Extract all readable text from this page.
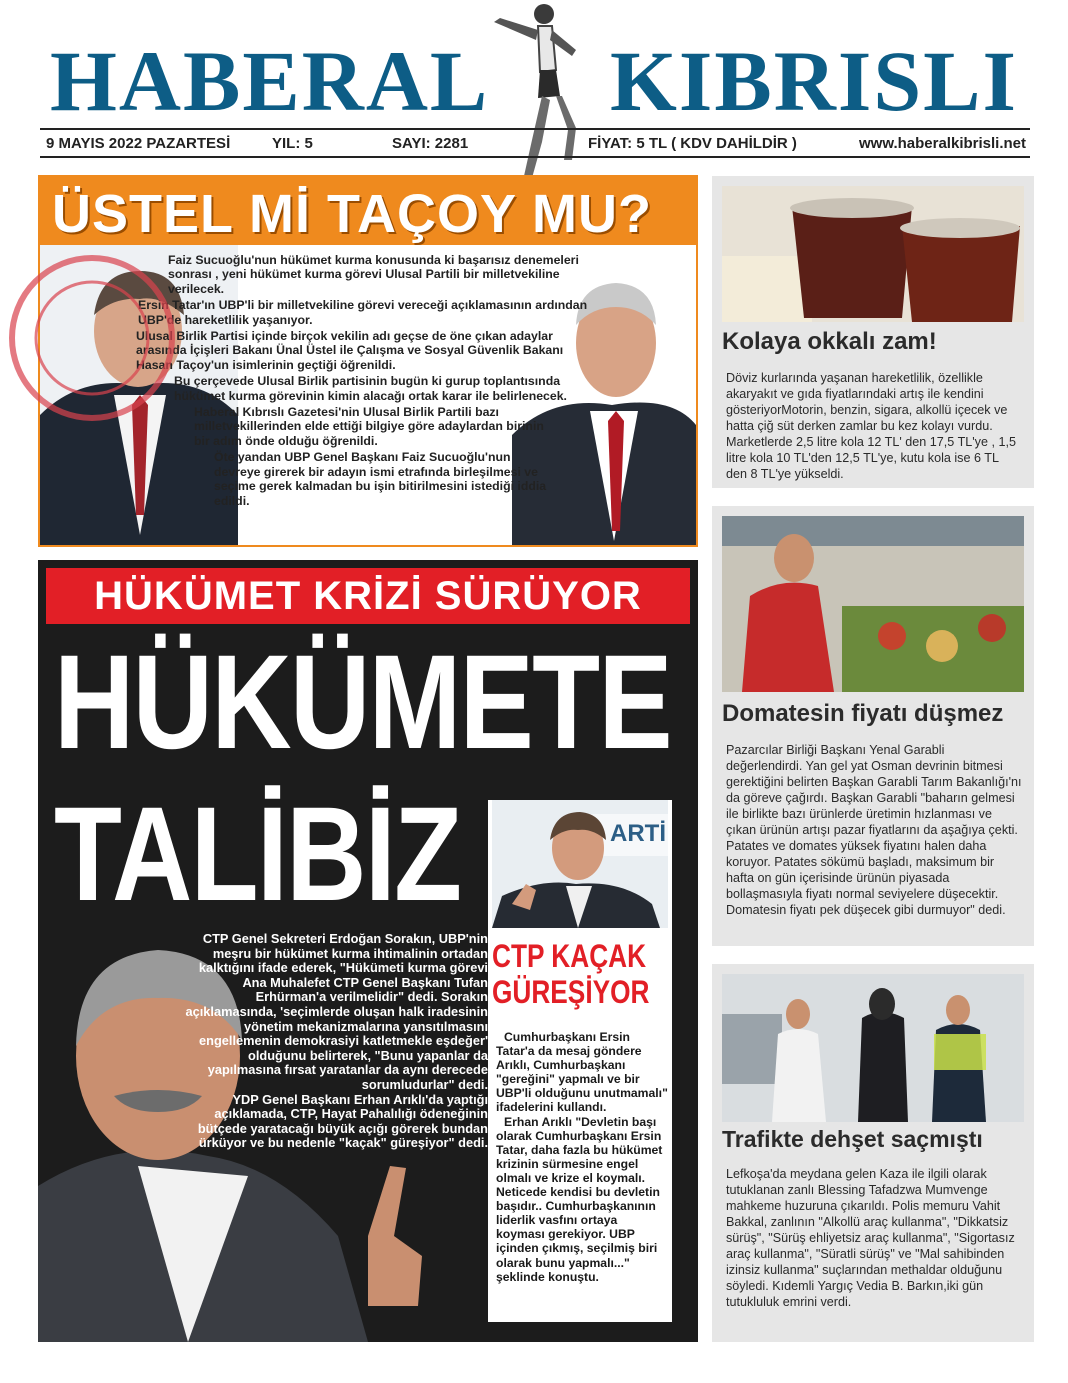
HABERAL KIBRISLI
9 MAYIS 2022 PAZARTESİ	YIL: 5	SAYI: 2281	FİYAT: 5 TL ( KDV DAHİLDİR )	www.haberalkibrisli.net
ÜSTEL Mİ TAÇOY MU?

Faiz Sucuoğlu'nun hükümet kurma konusunda ki başarısız denemeleri sonrası , yeni hükümet kurma görevi Ulusal Partili bir milletvekiline verilecek.

Ersin Tatar'ın UBP'li bir milletvekiline görevi vereceği açıklamasının ardından UBP'de hareketlilik yaşanıyor.

Ulusal Birlik Partisi içinde birçok vekilin adı geçse de öne çıkan adaylar arasında İçişleri Bakanı Ünal Üstel ile Çalışma ve Sosyal Güvenlik Bakanı Hasan Taçoy'un isimlerinin geçtiği öğrenildi.

Bu çerçevede Ulusal Birlik partisinin bugün ki gurup toplantısında hükümet kurma görevinin kimin alacağı ortak karar ile belirlenecek.

Haberal Kıbrıslı Gazetesi'nin Ulusal Birlik Partili bazı milletvekillerinden elde ettiği bilgiye göre adaylardan birinin bir adım önde olduğu öğrenildi.

Öte yandan UBP Genel Başkanı Faiz Sucuoğlu'nun devreye girerek bir adayın ismi etrafında birleşilmesi ve seçime gerek kalmadan bu işin bitirilmesini istediği iddia edildi.

HÜKÜMET KRİZİ SÜRÜYOR
HÜKÜMETE
TALİBİZ

CTP Genel Sekreteri Erdoğan Sorakın, UBP'nin meşru bir hükümet kurma ihtimalinin ortadan kalktığını ifade ederek, "Hükümeti kurma görevi Ana Muhalefet CTP Genel Başkanı Tufan Erhürman'a verilmelidir" dedi. Sorakın açıklamasında, 'seçimlerde oluşan halk iradesinin yönetim mekanizmalarına yansıtılmasını engellemenin demokrasiyi katletmekle eşdeğer' olduğunu belirterek, "Bunu yapanlar da yapılmasına fırsat yaratanlar da aynı derecede sorumludurlar" dedi.

YDP Genel Başkanı Erhan Arıklı'da yaptığı açıklamada, CTP, Hayat Pahalılığı ödeneğinin bütçede yaratacağı büyük açığı görerek bundan ürküyor ve bu nedenle "kaçak" güreşiyor" dedi.

ARTİ
CTP KAÇAK
GÜREŞİYOR

Cumhurbaşkanı Ersin Tatar'a da mesaj göndere Arıklı, Cumhurbaşkanı "gereğini" yapmalı ve bir UBP'li olduğunu unutmamalı" ifadelerini kullandı.

Erhan Arıklı "Devletin başı olarak Cumhurbaşkanı Ersin Tatar, daha fazla bu hükümet krizinin sürmesine engel olmalı ve krize el koymalı. Neticede kendisi bu devletin başıdır.. Cumhurbaşkanının liderlik vasfını ortaya koyması gerekiyor. UBP içinden çıkmış, seçilmiş biri olarak bunu yapmalı..." şeklinde konuştu.

Kolaya okkalı zam!
Döviz kurlarında yaşanan hareketlilik, özellikle akaryakıt ve gıda fiyatlarındaki artış ile kendini gösteriyorMotorin, benzin, sigara, alkollü içecek ve hatta çiğ süt derken zamlar bu kez kolayı vurdu. Marketlerde 2,5 litre kola 12 TL' den 17,5 TL'ye , 1,5 litre kola 10 TL'den 12,5 TL'ye, kutu kola ise 6 TL den 8 TL'ye yükseldi.
Domatesin fiyatı düşmez
Pazarcılar Birliği Başkanı Yenal Garabli değerlendirdi. Yan gel yat Osman devrinin bitmesi gerektiğini belirten Başkan Garabli Tarım Bakanlığı'nı da göreve çağırdı. Başkan Garabli "baharın gelmesi ile birlikte bazı ürünlerde üretimin hızlanması ve çıkan ürünün artışı pazar fiyatlarını da aşağıya çekti. Patates ve domates yüksek fiyatını halen daha koruyor. Patates sökümü başladı, maksimum bir hafta on gün içerisinde ürünün piyasada bollaşmasıyla fiyatı normal seviyelere düşecektir. Domatesin fiyatı pek düşecek gibi durmuyor" dedi.
Trafikte dehşet saçmıştı
Lefkoşa'da meydana gelen Kaza ile ilgili olarak tutuklanan zanlı Blessing Tafadzwa Mumvenge mahkeme huzuruna çıkarıldı. Polis memuru Vahit Bakkal, zanlının "Alkollü araç kullanma", "Dikkatsiz sürüş", "Sürüş ehliyetsiz araç kullanma", "Sigortasız araç kullanma", "Süratli sürüş" ve "Mal sahibinden izinsiz kullanma" suçlarından methaldar olduğunu söyledi. Kıdemli Yargıç Vedia B. Barkın,iki gün tutukluluk emrini verdi.
